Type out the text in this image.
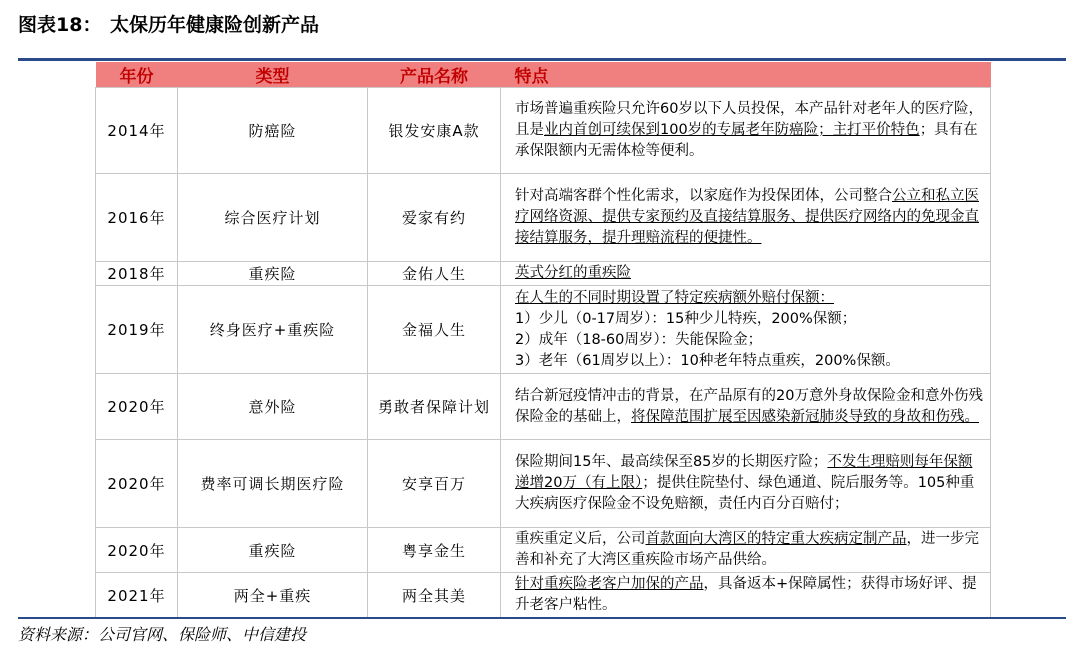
图表18： 太保历年健康险创新产品
年份	类型	产品名称	特点
2014年	防癌险	银发安康A款	市场普遍重疾险只允许60岁以下人员投保，本产品针对老年人的医疗险，且是业内首创可续保到100岁的专属老年防癌险；主打平价特色；具有在承保限额内无需体检等便利。
2016年	综合医疗计划	爱家有约	针对高端客群个性化需求，以家庭作为投保团体，公司整合公立和私立医疗网络资源、提供专家预约及直接结算服务、提供医疗网络内的免现金直接结算服务，提升理赔流程的便捷性。
2018年	重疾险	金佑人生	英式分红的重疾险
2019年	终身医疗+重疾险	金福人生	在人生的不同时期设置了特定疾病额外赔付保额：
1）少儿（0-17周岁）：15种少儿特疾，200%保额；
2）成年（18-60周岁）：失能保险金；
3）老年（61周岁以上）：10种老年特点重疾，200%保额。
2020年	意外险	勇敢者保障计划	结合新冠疫情冲击的背景，在产品原有的20万意外身故保险金和意外伤残保险金的基础上，将保障范围扩展至因感染新冠肺炎导致的身故和伤残。
2020年	费率可调长期医疗险	安享百万	保险期间15年、最高续保至85岁的长期医疗险；不发生理赔则每年保额递增20万（有上限）；提供住院垫付、绿色通道、院后服务等。105种重大疾病医疗保险金不设免赔额，责任内百分百赔付；
2020年	重疾险	粤享金生	重疾重定义后，公司首款面向大湾区的特定重大疾病定制产品，进一步完善和补充了大湾区重疾险市场产品供给。
2021年	两全+重疾	两全其美	针对重疾险老客户加保的产品，具备返本+保障属性；获得市场好评、提升老客户粘性。
资料来源：公司官网、保险师、中信建投
